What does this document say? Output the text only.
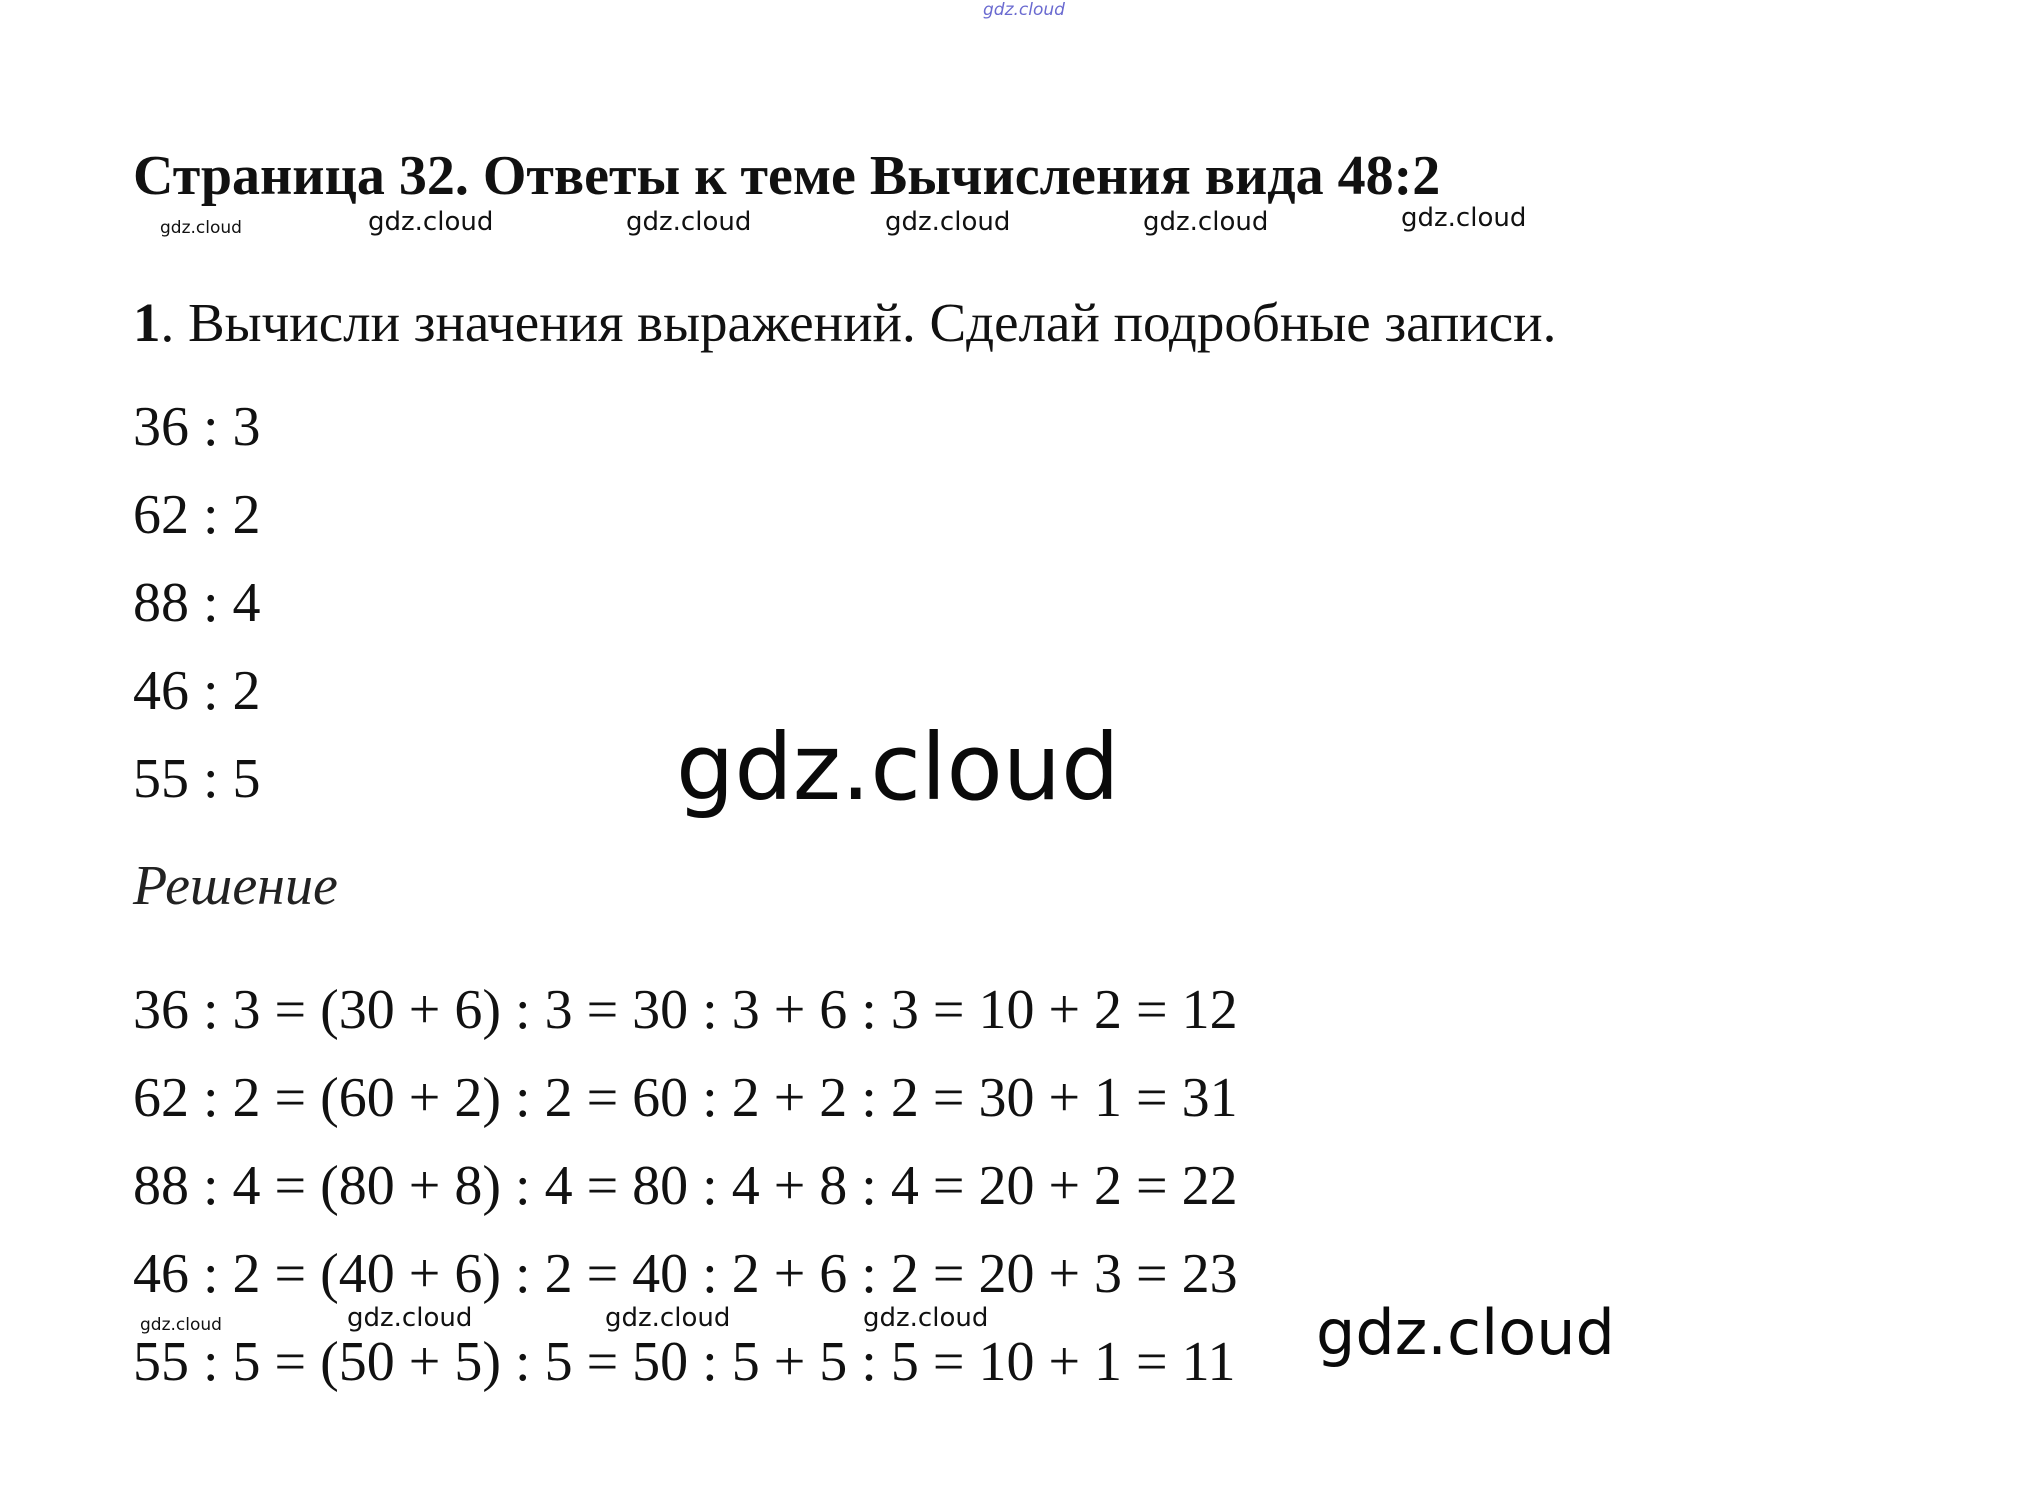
gdz.cloud
Страница 32. Ответы к теме Вычисления вида 48:2
gdz.cloud	gdz.cloud	gdz.cloud	gdz.cloud	gdz.cloud	gdz.cloud

1. Вычисли значения выражений. Сделай подробные записи.

36 : 3
62 : 2
88 : 4
46 : 2
55 : 5	gdz.cloud

Решение

36 : 3 = (30 + 6) : 3 = 30 : 3 + 6 : 3 = 10 + 2 = 12
62 : 2 = (60 + 2) : 2 = 60 : 2 + 2 : 2 = 30 + 1 = 31
88 : 4 = (80 + 8) : 4 = 80 : 4 + 8 : 4 = 20 + 2 = 22
46 : 2 = (40 + 6) : 2 = 40 : 2 + 6 : 2 = 20 + 3 = 23
55 : 5 = (50 + 5) : 5 = 50 : 5 + 5 : 5 = 10 + 1 = 11
gdz.cloud	gdz.cloud	gdz.cloud	gdz.cloud	gdz.cloud
